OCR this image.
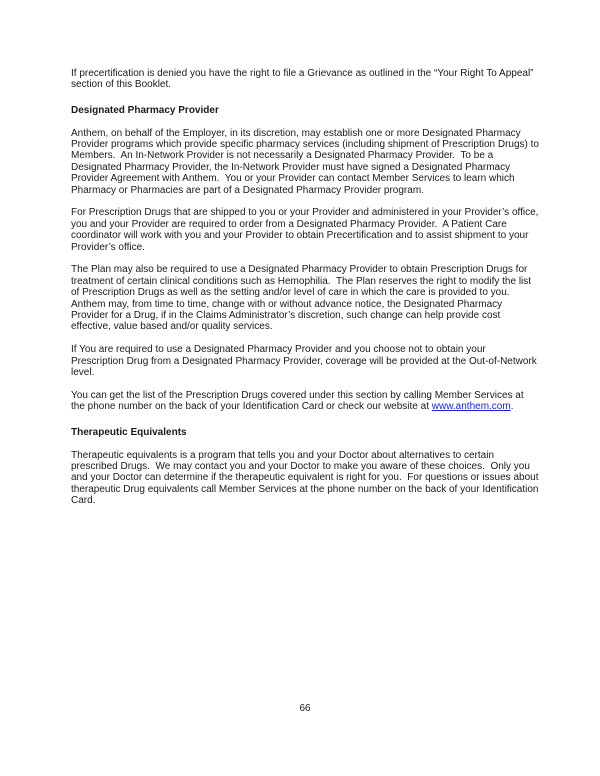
If precertification is denied you have the right to file a Grievance as outlined in the “Your Right To Appeal” section of this Booklet.

Designated Pharmacy Provider

Anthem, on behalf of the Employer, in its discretion, may establish one or more Designated Pharmacy Provider programs which provide specific pharmacy services (including shipment of Prescription Drugs) to Members.  An In-Network Provider is not necessarily a Designated Pharmacy Provider.  To be a Designated Pharmacy Provider, the In-Network Provider must have signed a Designated Pharmacy Provider Agreement with Anthem.  You or your Provider can contact Member Services to learn which Pharmacy or Pharmacies are part of a Designated Pharmacy Provider program.

For Prescription Drugs that are shipped to you or your Provider and administered in your Provider’s office, you and your Provider are required to order from a Designated Pharmacy Provider.  A Patient Care coordinator will work with you and your Provider to obtain Precertification and to assist shipment to your Provider’s office.

The Plan may also be required to use a Designated Pharmacy Provider to obtain Prescription Drugs for treatment of certain clinical conditions such as Hemophilia.  The Plan reserves the right to modify the list of Prescription Drugs as well as the setting and/or level of care in which the care is provided to you.  Anthem may, from time to time, change with or without advance notice, the Designated Pharmacy Provider for a Drug, if in the Claims Administrator’s discretion, such change can help provide cost effective, value based and/or quality services.

If You are required to use a Designated Pharmacy Provider and you choose not to obtain your Prescription Drug from a Designated Pharmacy Provider, coverage will be provided at the Out-of-Network level.

You can get the list of the Prescription Drugs covered under this section by calling Member Services at the phone number on the back of your Identification Card or check our website at www.anthem.com.

Therapeutic Equivalents

Therapeutic equivalents is a program that tells you and your Doctor about alternatives to certain prescribed Drugs.  We may contact you and your Doctor to make you aware of these choices.  Only you and your Doctor can determine if the therapeutic equivalent is right for you.  For questions or issues about therapeutic Drug equivalents call Member Services at the phone number on the back of your Identification Card.

66
